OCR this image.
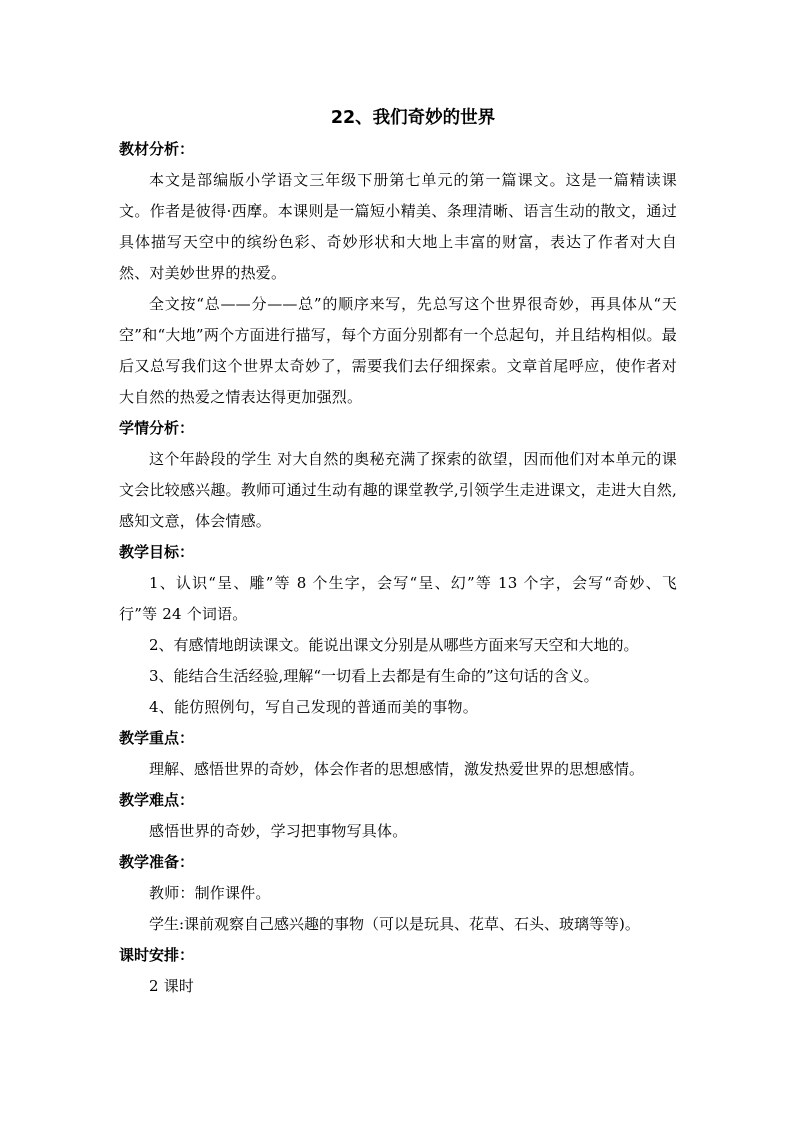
22、我们奇妙的世界
教材分析：

本文是部编版小学语文三年级下册第七单元的第一篇课文。这是一篇精读课文。作者是彼得·西摩。本课则是一篇短小精美、条理清晰、语言生动的散文，通过具体描写天空中的缤纷色彩、奇妙形状和大地上丰富的财富，表达了作者对大自然、对美妙世界的热爱。

全文按“总——分——总”的顺序来写，先总写这个世界很奇妙，再具体从“天空”和“大地”两个方面进行描写，每个方面分别都有一个总起句，并且结构相似。最后又总写我们这个世界太奇妙了，需要我们去仔细探索。文章首尾呼应，使作者对大自然的热爱之情表达得更加强烈。

学情分析：

这个年龄段的学生 对大自然的奥秘充满了探索的欲望，因而他们对本单元的课文会比较感兴趣。教师可通过生动有趣的课堂教学,引领学生走进课文，走进大自然,感知文意，体会情感。

教学目标：

1、认识“呈、雕”等 8 个生字，会写“呈、幻”等 13 个字，会写“奇妙、飞行”等 24 个词语。

2、有感情地朗读课文。能说出课文分别是从哪些方面来写天空和大地的。

3、能结合生活经验,理解“一切看上去都是有生命的”这句话的含义。

4、能仿照例句，写自己发现的普通而美的事物。

教学重点：

理解、感悟世界的奇妙，体会作者的思想感情，激发热爱世界的思想感情。

教学难点：

感悟世界的奇妙，学习把事物写具体。

教学准备：

教师：制作课件。

学生:课前观察自己感兴趣的事物（可以是玩具、花草、石头、玻璃等等)。

课时安排：

2 课时
